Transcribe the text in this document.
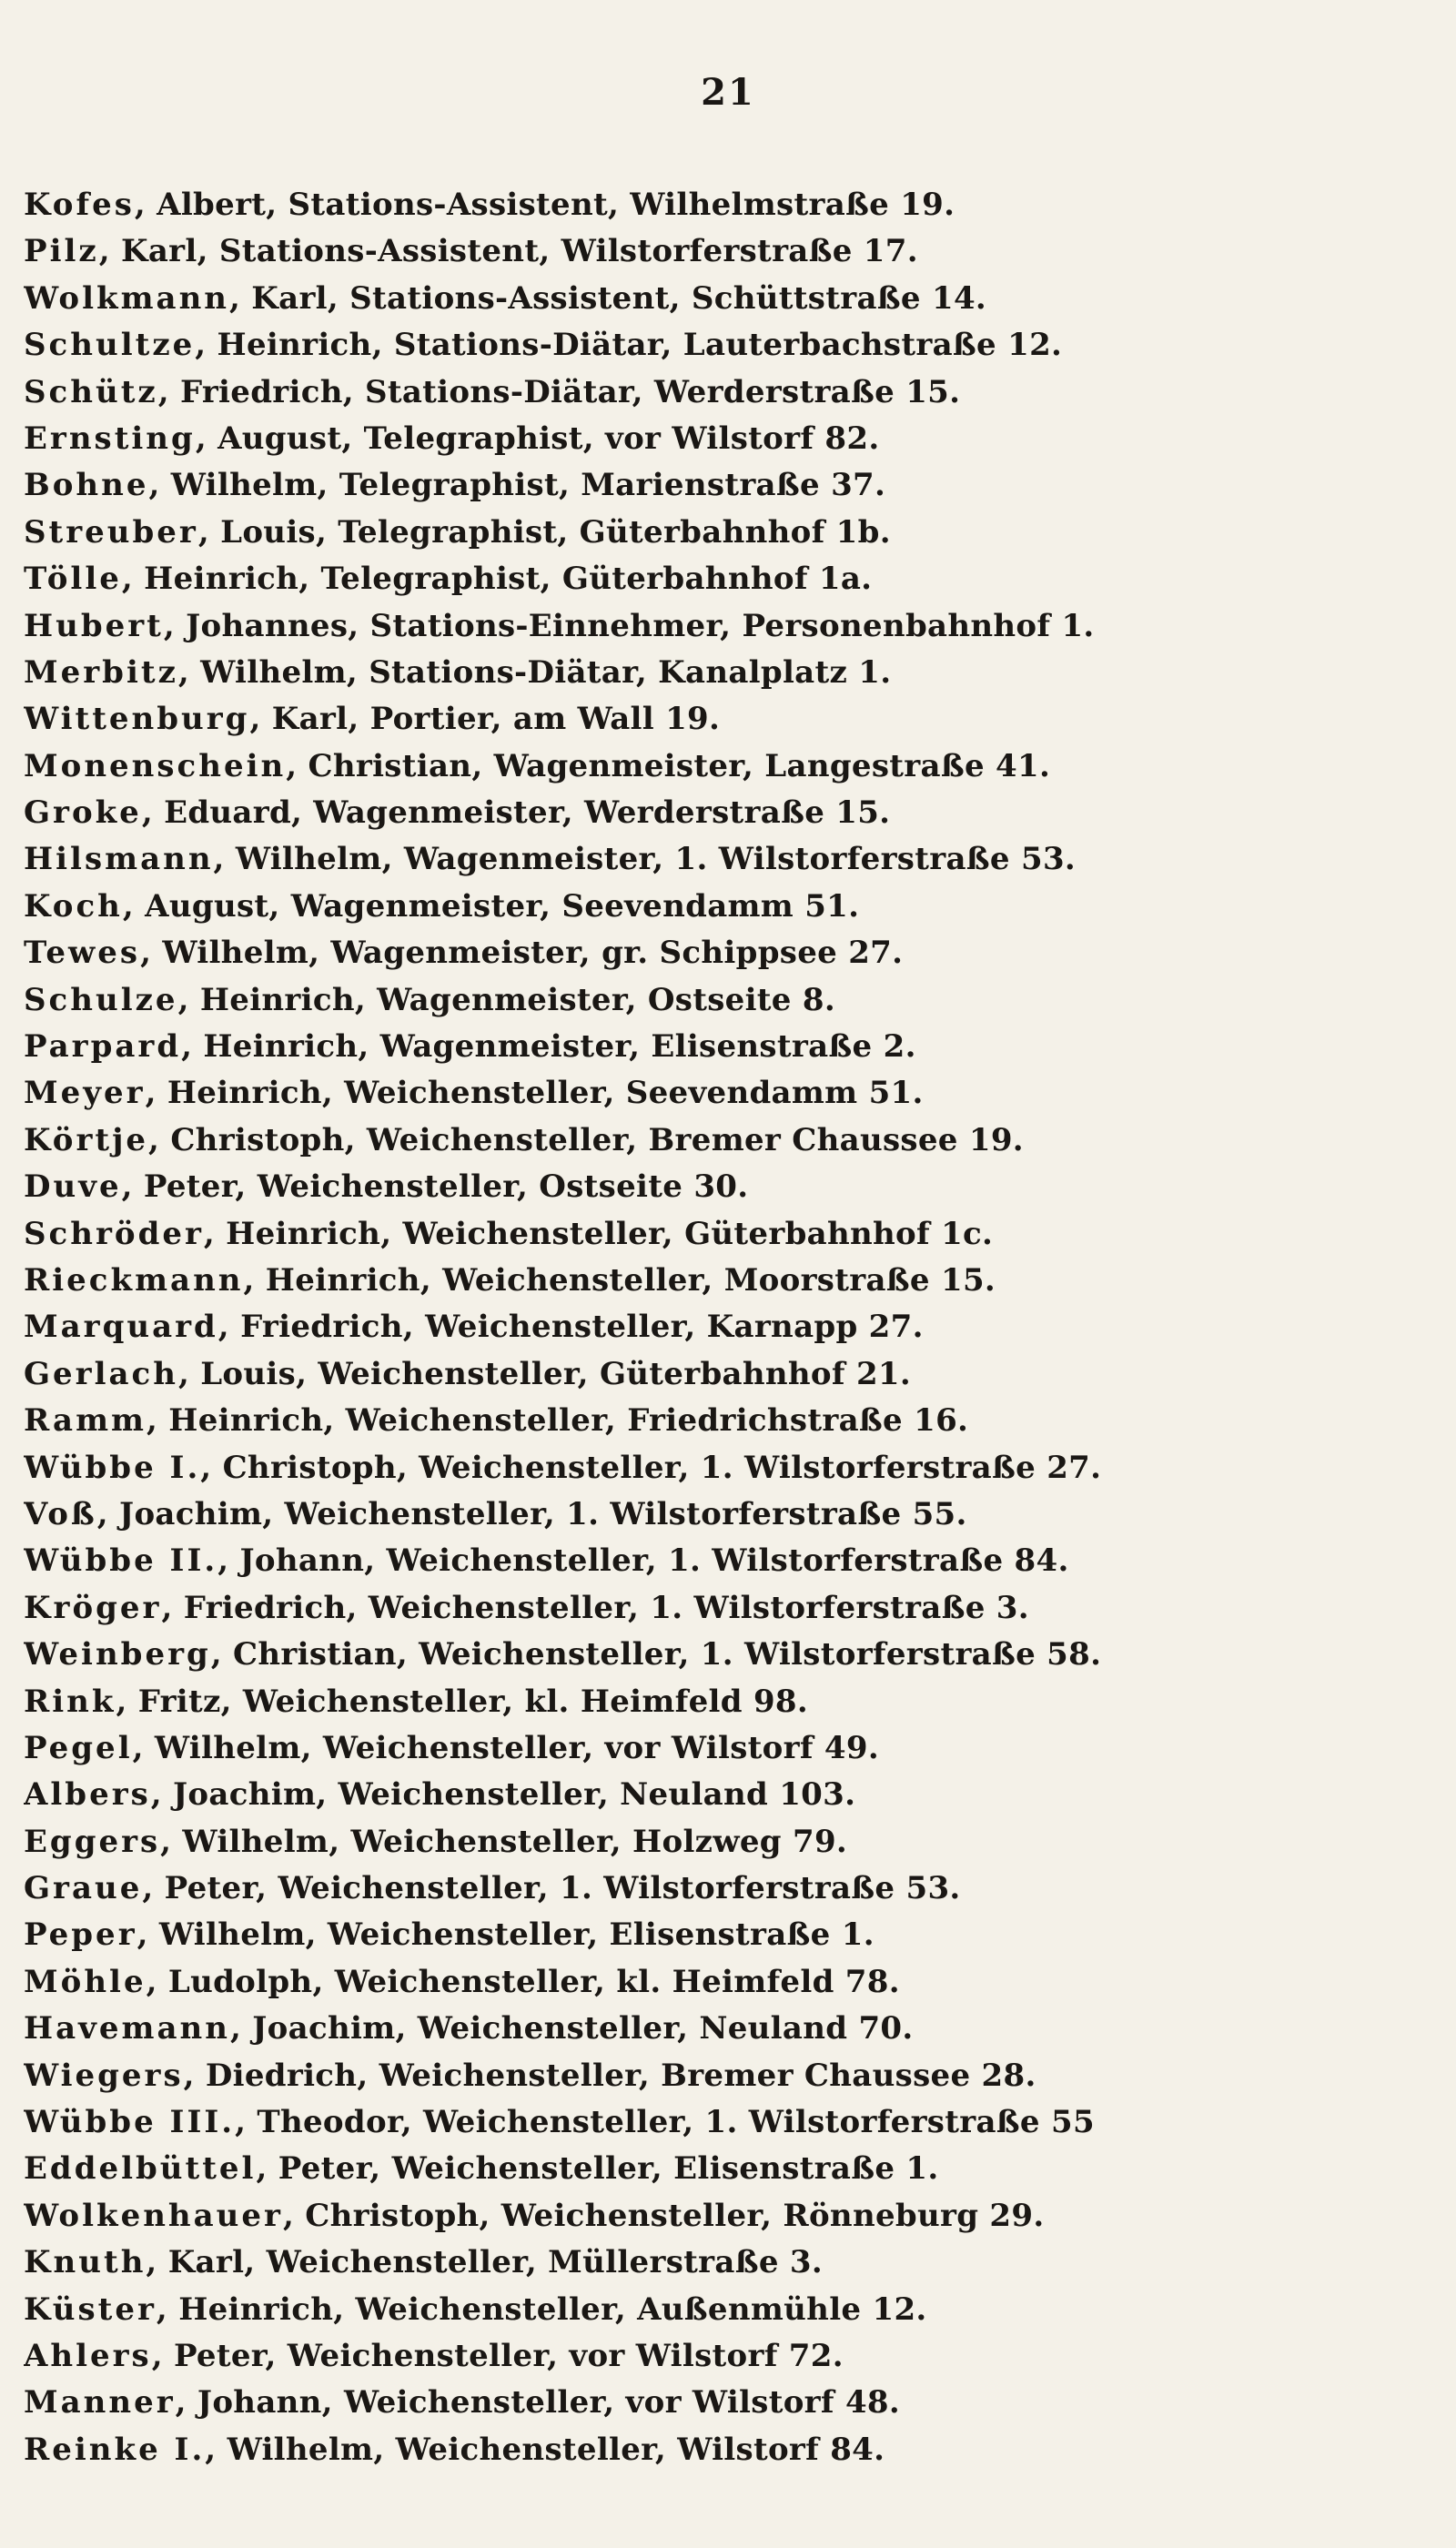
21
Kofes, Albert, Stations-Assistent, Wilhelmstraße 19.
Pilz, Karl, Stations-Assistent, Wilstorferstraße 17.
Wolkmann, Karl, Stations-Assistent, Schüttstraße 14.
Schultze, Heinrich, Stations-Diätar, Lauterbachstraße 12.
Schütz, Friedrich, Stations-Diätar, Werderstraße 15.
Ernsting, August, Telegraphist, vor Wilstorf 82.
Bohne, Wilhelm, Telegraphist, Marienstraße 37.
Streuber, Louis, Telegraphist, Güterbahnhof 1b.
Tölle, Heinrich, Telegraphist, Güterbahnhof 1a.
Hubert, Johannes, Stations-Einnehmer, Personenbahnhof 1.
Merbitz, Wilhelm, Stations-Diätar, Kanalplatz 1.
Wittenburg, Karl, Portier, am Wall 19.
Monenschein, Christian, Wagenmeister, Langestraße 41.
Groke, Eduard, Wagenmeister, Werderstraße 15.
Hilsmann, Wilhelm, Wagenmeister, 1. Wilstorferstraße 53.
Koch, August, Wagenmeister, Seevendamm 51.
Tewes, Wilhelm, Wagenmeister, gr. Schippsee 27.
Schulze, Heinrich, Wagenmeister, Ostseite 8.
Parpard, Heinrich, Wagenmeister, Elisenstraße 2.
Meyer, Heinrich, Weichensteller, Seevendamm 51.
Körtje, Christoph, Weichensteller, Bremer Chaussee 19.
Duve, Peter, Weichensteller, Ostseite 30.
Schröder, Heinrich, Weichensteller, Güterbahnhof 1c.
Rieckmann, Heinrich, Weichensteller, Moorstraße 15.
Marquard, Friedrich, Weichensteller, Karnapp 27.
Gerlach, Louis, Weichensteller, Güterbahnhof 21.
Ramm, Heinrich, Weichensteller, Friedrichstraße 16.
Wübbe I., Christoph, Weichensteller, 1. Wilstorferstraße 27.
Voß, Joachim, Weichensteller, 1. Wilstorferstraße 55.
Wübbe II., Johann, Weichensteller, 1. Wilstorferstraße 84.
Kröger, Friedrich, Weichensteller, 1. Wilstorferstraße 3.
Weinberg, Christian, Weichensteller, 1. Wilstorferstraße 58.
Rink, Fritz, Weichensteller, kl. Heimfeld 98.
Pegel, Wilhelm, Weichensteller, vor Wilstorf 49.
Albers, Joachim, Weichensteller, Neuland 103.
Eggers, Wilhelm, Weichensteller, Holzweg 79.
Graue, Peter, Weichensteller, 1. Wilstorferstraße 53.
Peper, Wilhelm, Weichensteller, Elisenstraße 1.
Möhle, Ludolph, Weichensteller, kl. Heimfeld 78.
Havemann, Joachim, Weichensteller, Neuland 70.
Wiegers, Diedrich, Weichensteller, Bremer Chaussee 28.
Wübbe III., Theodor, Weichensteller, 1. Wilstorferstraße 55
Eddelbüttel, Peter, Weichensteller, Elisenstraße 1.
Wolkenhauer, Christoph, Weichensteller, Rönneburg 29.
Knuth, Karl, Weichensteller, Müllerstraße 3.
Küster, Heinrich, Weichensteller, Außenmühle 12.
Ahlers, Peter, Weichensteller, vor Wilstorf 72.
Manner, Johann, Weichensteller, vor Wilstorf 48.
Reinke I., Wilhelm, Weichensteller, Wilstorf 84.
